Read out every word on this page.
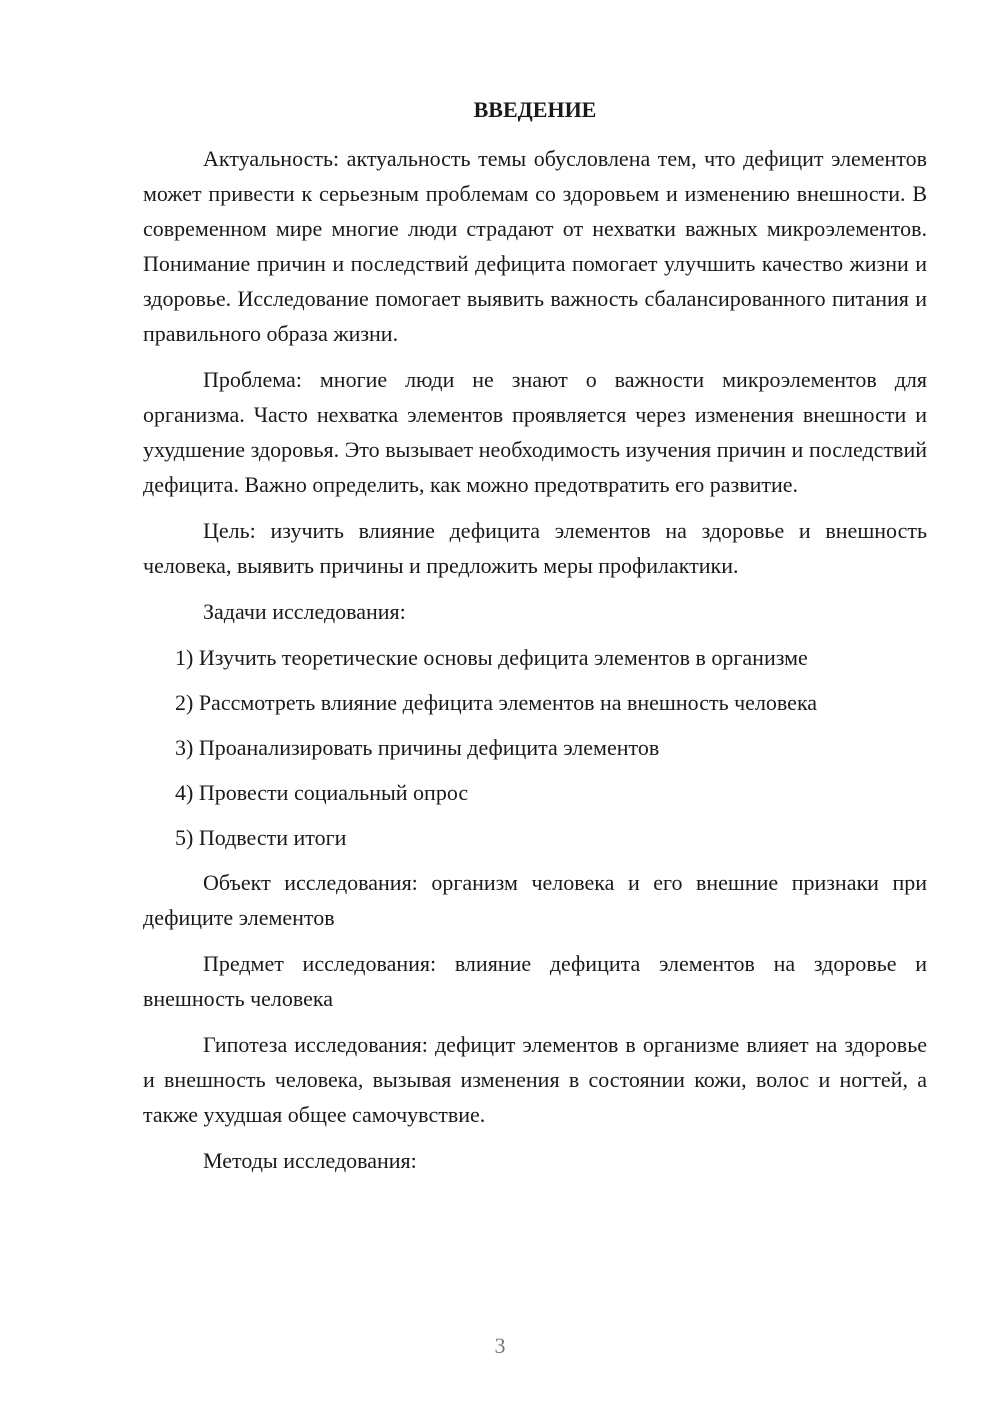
ВВЕДЕНИЕ

Актуальность: актуальность темы обусловлена тем, что дефицит элементов может привести к серьезным проблемам со здоровьем и изменению внешности. В современном мире многие люди страдают от нехватки важных микроэлементов. Понимание причин и последствий дефицита помогает улучшить качество жизни и здоровье. Исследование помогает выявить важность сбалансированного питания и правильного образа жизни.

Проблема: многие люди не знают о важности микроэлементов для организма. Часто нехватка элементов проявляется через изменения внешности и ухудшение здоровья. Это вызывает необходимость изучения причин и последствий дефицита. Важно определить, как можно предотвратить его развитие.

Цель: изучить влияние дефицита элементов на здоровье и внешность человека, выявить причины и предложить меры профилактики.

Задачи исследования:

1) Изучить теоретические основы дефицита элементов в организме
2) Рассмотреть влияние дефицита элементов на внешность человека
3) Проанализировать причины дефицита элементов
4) Провести социальный опрос
5) Подвести итоги

Объект исследования: организм человека и его внешние признаки при дефиците элементов

Предмет исследования: влияние дефицита элементов на здоровье и внешность человека

Гипотеза исследования: дефицит элементов в организме влияет на здоровье и внешность человека, вызывая изменения в состоянии кожи, волос и ногтей, а также ухудшая общее самочувствие.

Методы исследования:

3
